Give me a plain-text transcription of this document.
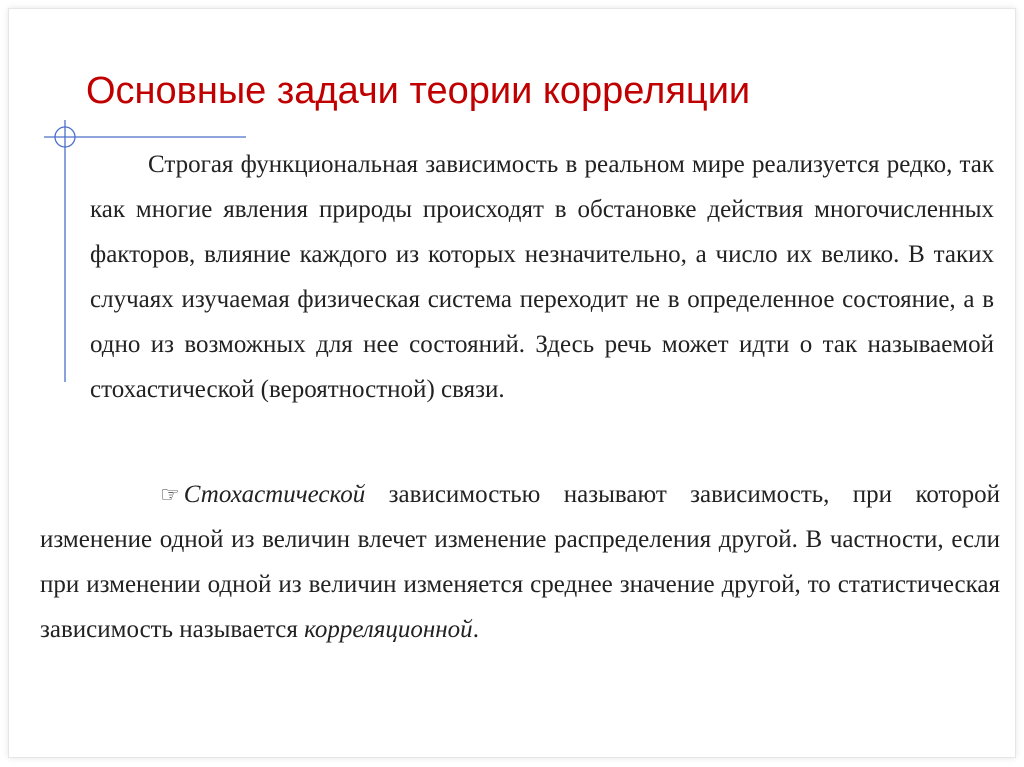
Основные задачи теории корреляции

Строгая функциональная зависимость в реальном мире реализуется редко, так как многие явления природы происходят в обстановке действия многочисленных факторов, влияние каждого из которых незначительно, а число их велико. В таких случаях изучаемая физическая система переходит не в определенное состояние, а в одно из возможных для нее состояний. Здесь речь может идти о так называемой стохастической (вероятностной) связи.

☞ Стохастической зависимостью называют зависимость, при которой изменение одной из величин влечет изменение распределения другой. В частности, если при изменении одной из величин изменяется среднее значение другой, то статистическая зависимость называется корреляционной.
